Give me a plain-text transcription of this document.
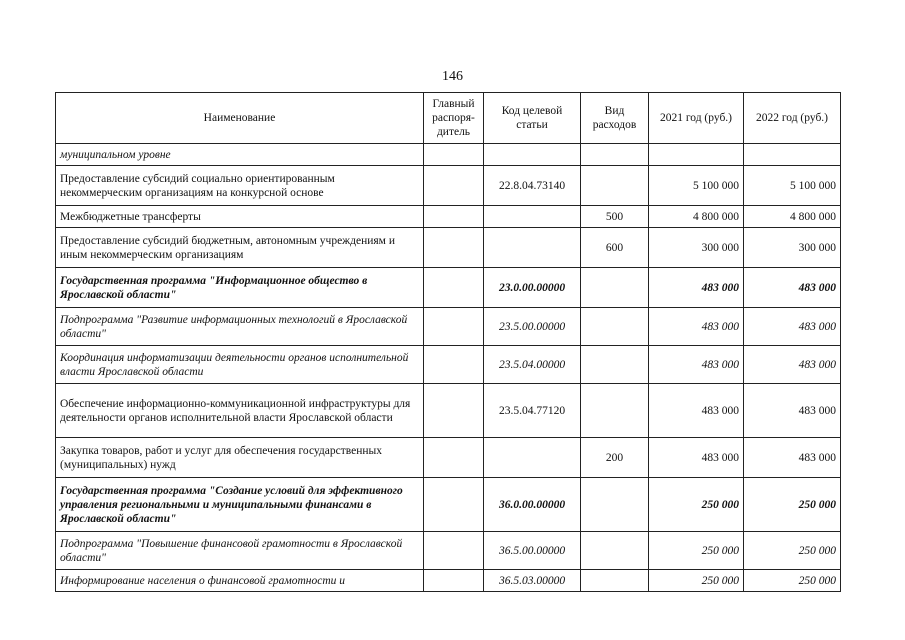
146
Наименование	Главный распоря-дитель	Код целевой статьи	Вид расходов	2021 год (руб.)	2022 год (руб.)
муниципальном уровне					
Предоставление субсидий социально ориентированным некоммерческим организациям на конкурсной основе		22.8.04.73140		5 100 000	5 100 000
Межбюджетные трансферты			500	4 800 000	4 800 000
Предоставление субсидий бюджетным, автономным учреждениям и иным некоммерческим организациям			600	300 000	300 000
Государственная программа "Информационное общество в Ярославской области"		23.0.00.00000		483 000	483 000
Подпрограмма "Развитие информационных технологий в Ярославской области"		23.5.00.00000		483 000	483 000
Координация информатизации деятельности органов исполнительной власти Ярославской области		23.5.04.00000		483 000	483 000
Обеспечение информационно-коммуникационной инфраструктуры для деятельности органов исполнительной власти Ярославской области		23.5.04.77120		483 000	483 000
Закупка товаров, работ и услуг для обеспечения государственных (муниципальных) нужд			200	483 000	483 000
Государственная программа "Создание условий для эффективного управления региональными и муниципальными финансами в Ярославской области"		36.0.00.00000		250 000	250 000
Подпрограмма "Повышение финансовой грамотности в Ярославской области"		36.5.00.00000		250 000	250 000
Информирование населения о финансовой грамотности и		36.5.03.00000		250 000	250 000
